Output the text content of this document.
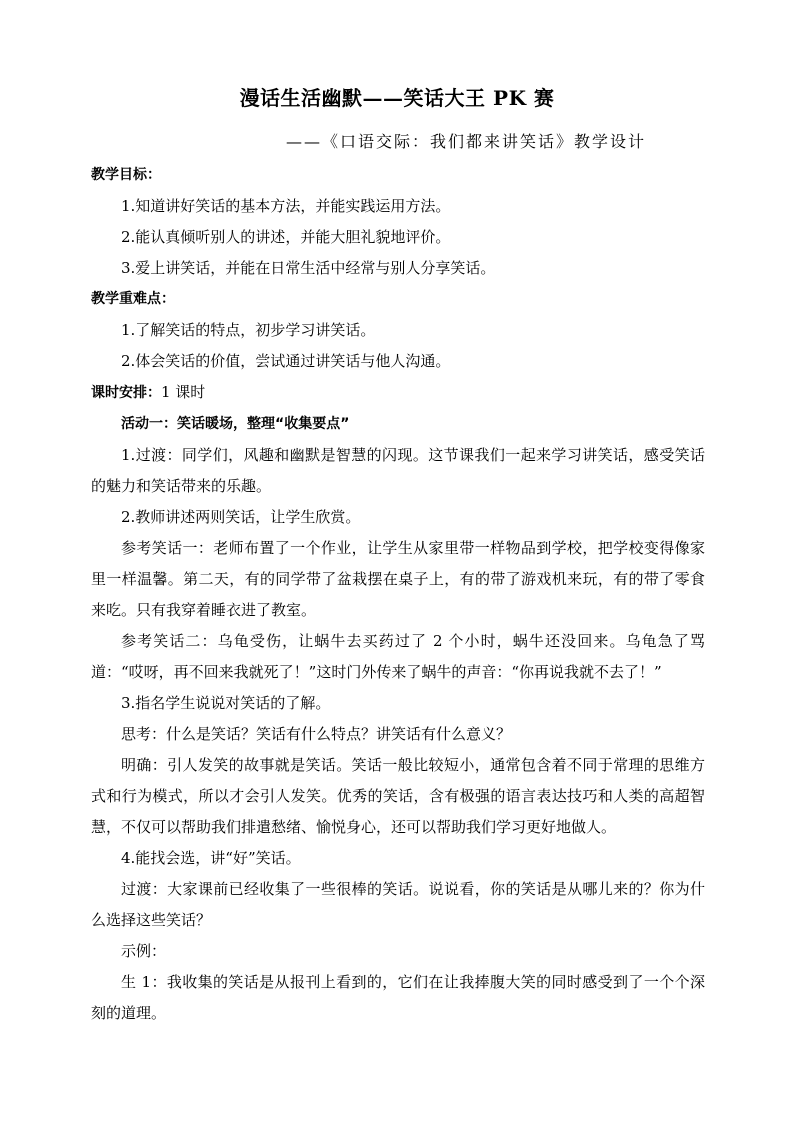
漫话生活幽默——笑话大王 PK 赛
——《口语交际：我们都来讲笑话》教学设计

教学目标：

1.知道讲好笑话的基本方法，并能实践运用方法。

2.能认真倾听别人的讲述，并能大胆礼貌地评价。

3.爱上讲笑话，并能在日常生活中经常与别人分享笑话。

教学重难点：

1.了解笑话的特点，初步学习讲笑话。

2.体会笑话的价值，尝试通过讲笑话与他人沟通。

课时安排：1 课时

活动一：笑话暖场，整理“收集要点”

1.过渡：同学们，风趣和幽默是智慧的闪现。这节课我们一起来学习讲笑话，感受笑话的魅力和笑话带来的乐趣。

2.教师讲述两则笑话，让学生欣赏。

参考笑话一：老师布置了一个作业，让学生从家里带一样物品到学校，把学校变得像家里一样温馨。第二天，有的同学带了盆栽摆在桌子上，有的带了游戏机来玩，有的带了零食来吃。只有我穿着睡衣进了教室。

参考笑话二：乌龟受伤，让蜗牛去买药过了 2 个小时，蜗牛还没回来。乌龟急了骂道：“哎呀，再不回来我就死了！”这时门外传来了蜗牛的声音：“你再说我就不去了！”

3.指名学生说说对笑话的了解。

思考：什么是笑话？笑话有什么特点？讲笑话有什么意义？

明确：引人发笑的故事就是笑话。笑话一般比较短小，通常包含着不同于常理的思维方式和行为模式，所以才会引人发笑。优秀的笑话，含有极强的语言表达技巧和人类的高超智慧，不仅可以帮助我们排遣愁绪、愉悦身心，还可以帮助我们学习更好地做人。

4.能找会选，讲“好”笑话。

过渡：大家课前已经收集了一些很棒的笑话。说说看，你的笑话是从哪儿来的？你为什么选择这些笑话？

示例：

生 1：我收集的笑话是从报刊上看到的，它们在让我捧腹大笑的同时感受到了一个个深刻的道理。
